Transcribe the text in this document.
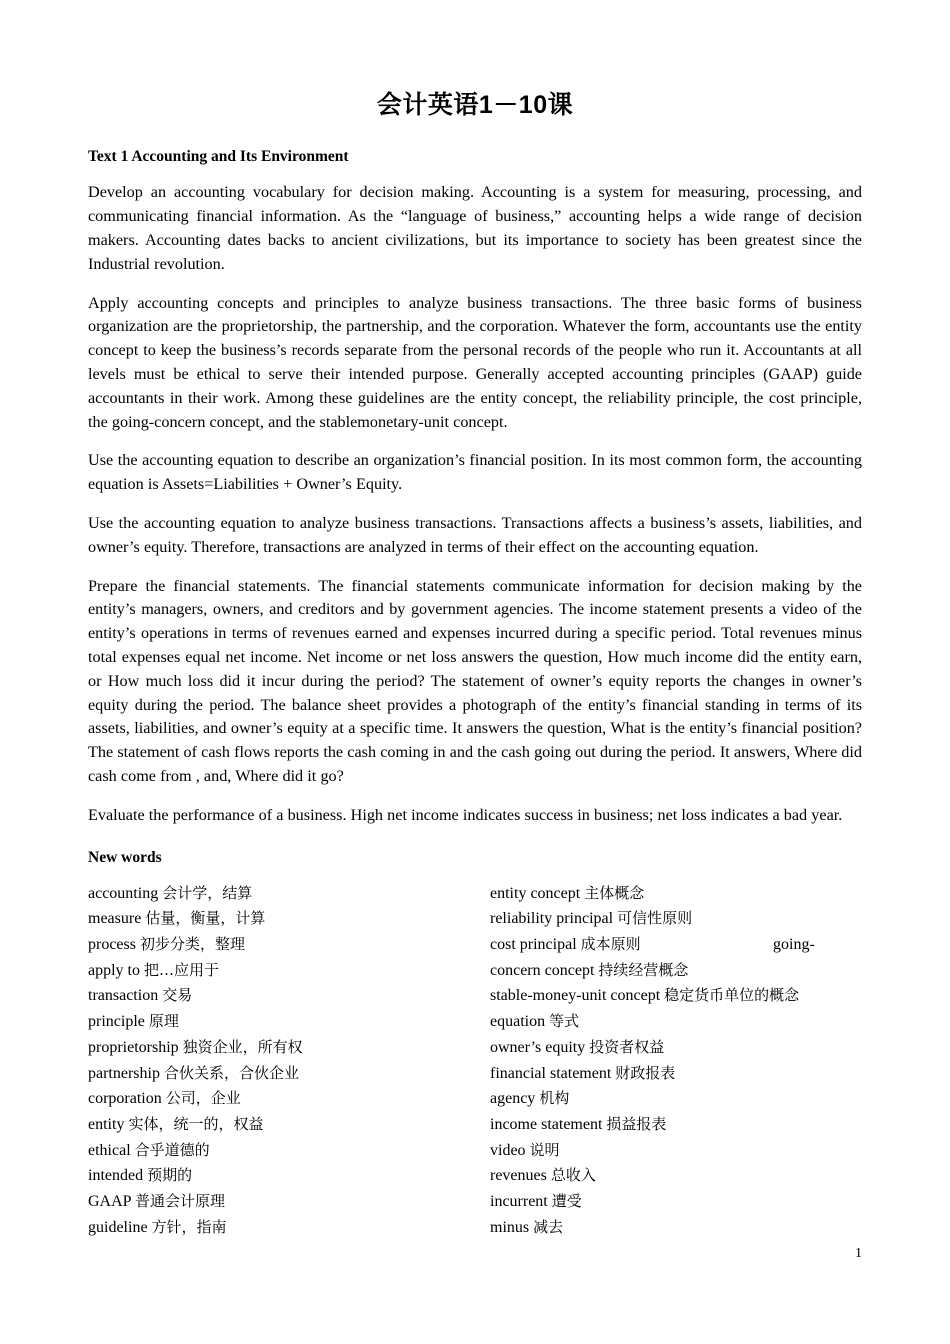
会计英语1－10课
Text 1 Accounting and Its Environment

Develop an accounting vocabulary for decision making. Accounting is a system for measuring, processing, and communicating financial information. As the “language of business,” accounting helps a wide range of decision makers. Accounting dates backs to ancient civilizations, but its importance to society has been greatest since the Industrial revolution.

Apply accounting concepts and principles to analyze business transactions. The three basic forms of business organization are the proprietorship, the partnership, and the corporation. Whatever the form, accountants use the entity concept to keep the business’s records separate from the personal records of the people who run it. Accountants at all levels must be ethical to serve their intended purpose. Generally accepted accounting principles (GAAP) guide accountants in their work. Among these guidelines are the entity concept, the reliability principle, the cost principle, the going-concern concept, and the stablemonetary-unit concept.

Use the accounting equation to describe an organization’s financial position. In its most common form, the accounting equation is Assets=Liabilities + Owner’s Equity.

Use the accounting equation to analyze business transactions. Transactions affects a business’s assets, liabilities, and owner’s equity. Therefore, transactions are analyzed in terms of their effect on the accounting equation.

Prepare the financial statements. The financial statements communicate information for decision making by the entity’s managers, owners, and creditors and by government agencies. The income statement presents a video of the entity’s operations in terms of revenues earned and expenses incurred during a specific period. Total revenues minus total expenses equal net income. Net income or net loss answers the question, How much income did the entity earn, or How much loss did it incur during the period? The statement of owner’s equity reports the changes in owner’s equity during the period. The balance sheet provides a photograph of the entity’s financial standing in terms of its assets, liabilities, and owner’s equity at a specific time. It answers the question, What is the entity’s financial position? The statement of cash flows reports the cash coming in and the cash going out during the period. It answers, Where did cash come from , and, Where did it go?

Evaluate the performance of a business. High net income indicates success in business; net loss indicates a bad year.

New words
accounting 会计学，结算
measure 估量，衡量，计算
process 初步分类，整理
apply to 把…应用于
transaction 交易
principle 原理
proprietorship 独资企业，所有权
partnership 合伙关系，合伙企业
corporation 公司，企业
entity 实体，统一的，权益
ethical 合乎道德的
intended 预期的
GAAP 普通会计原理
guideline 方针，指南
entity concept 主体概念
reliability principal 可信性原则
cost principal 成本原则	going-
concern concept 持续经营概念
stable-money-unit concept 稳定货币单位的概念
equation 等式
owner’s equity 投资者权益
financial statement 财政报表
agency 机构
income statement 损益报表
video 说明
revenues 总收入
incurrent 遭受
minus 减去
1
